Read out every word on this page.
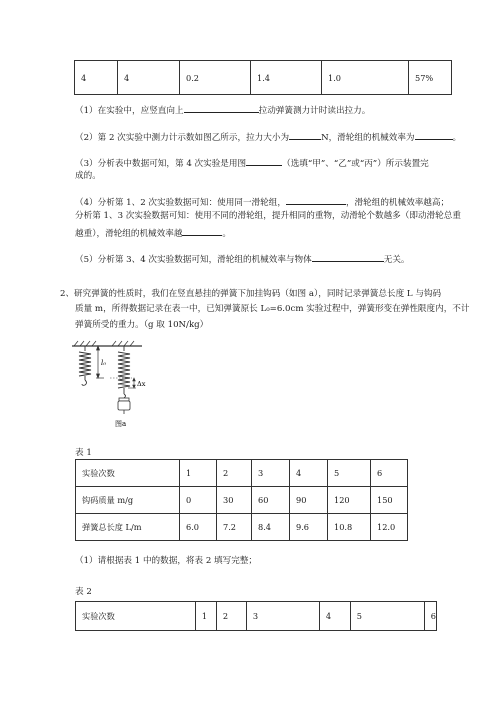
4	4	0.2	1.4	1.0	57%
（1）在实验中，应竖直向上	拉动弹簧测力计时读出拉力。
（2）第 2 次实验中测力计示数如图乙所示，拉力大小为	N，滑轮组的机械效率为	。
（3）分析表中数据可知，第 4 次实验是用图	（选填“甲”、“乙”或“丙”）所示装置完
成的。
（4）分析第 1、2 次实验数据可知：使用同一滑轮组，	，滑轮组的机械效率越高；
分析第 1、3 次实验数据可知：使用不同的滑轮组，提升相同的重物，动滑轮个数越多（即动滑轮总重
越重），滑轮组的机械效率越	。
（5）分析第 3、4 次实验数据可知，滑轮组的机械效率与物体	无关。
2、研究弹簧的性质时，我们在竖直悬挂的弹簧下加挂钩码（如图 a），同时记录弹簧总长度 L 与钩码
质量 m，所得数据记录在表一中，已知弹簧原长 L₀=6.0cm 实验过程中，弹簧形变在弹性限度内，不计
弹簧所受的重力。（g 取 10N/kg）
l₀
Δx
图a
表 1
实验次数	1	2	3	4	5	6
钩码质量 m/g	0	30	60	90	120	150
弹簧总长度 L/m	6.0	7.2	8.4	9.6	10.8	12.0
（1）请根据表 1 中的数据，将表 2 填写完整；
表 2
实验次数	1	2	3	4	5	6
